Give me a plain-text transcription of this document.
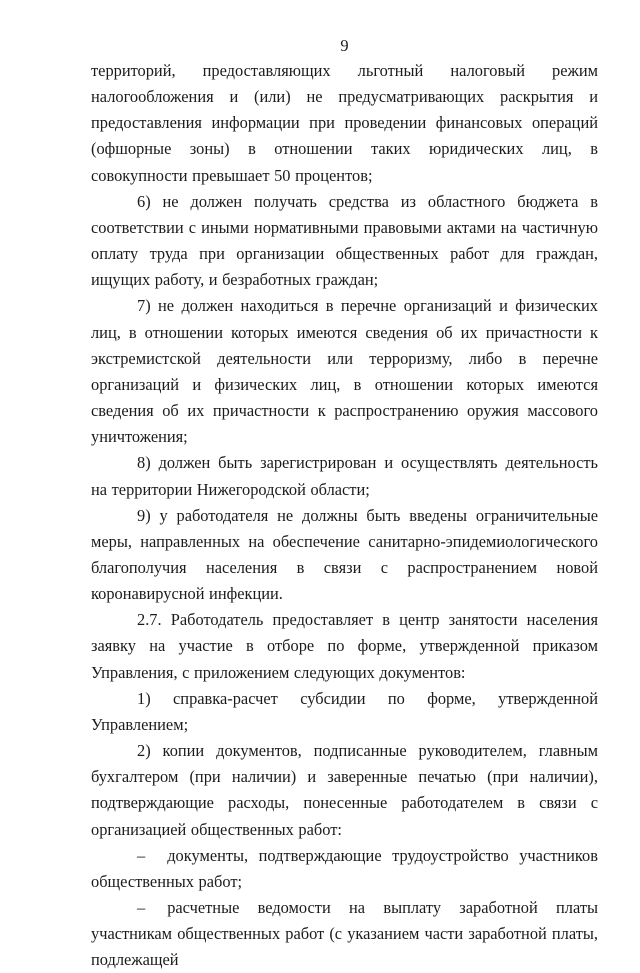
9

территорий, предоставляющих льготный налоговый режим налогообложения и (или) не предусматривающих раскрытия и предоставления информации при проведении финансовых операций (офшорные зоны) в отношении таких юридических лиц, в совокупности превышает 50 процентов;

6) не должен получать средства из областного бюджета в соответствии с иными нормативными правовыми актами на частичную оплату труда при организации общественных работ для граждан, ищущих работу, и безработных граждан;

7) не должен находиться в перечне организаций и физических лиц, в отношении которых имеются сведения об их причастности к экстремистской деятельности или терроризму, либо в перечне организаций и физических лиц, в отношении которых имеются сведения об их причастности к распространению оружия массового уничтожения;

8) должен быть зарегистрирован и осуществлять деятельность на территории Нижегородской области;

9) у работодателя не должны быть введены ограничительные меры, направленных на обеспечение санитарно-эпидемиологического благополучия населения в связи с распространением новой коронавирусной инфекции.

2.7. Работодатель предоставляет в центр занятости населения заявку на участие в отборе по форме, утвержденной приказом Управления, с приложением следующих документов:

1) справка-расчет субсидии по форме, утвержденной Управлением;

2) копии документов, подписанные руководителем, главным бухгалтером (при наличии) и заверенные печатью (при наличии), подтверждающие расходы, понесенные работодателем в связи с организацией общественных работ:

– документы, подтверждающие трудоустройство участников общественных работ;

– расчетные ведомости на выплату заработной платы участникам общественных работ (с указанием части заработной платы, подлежащей
